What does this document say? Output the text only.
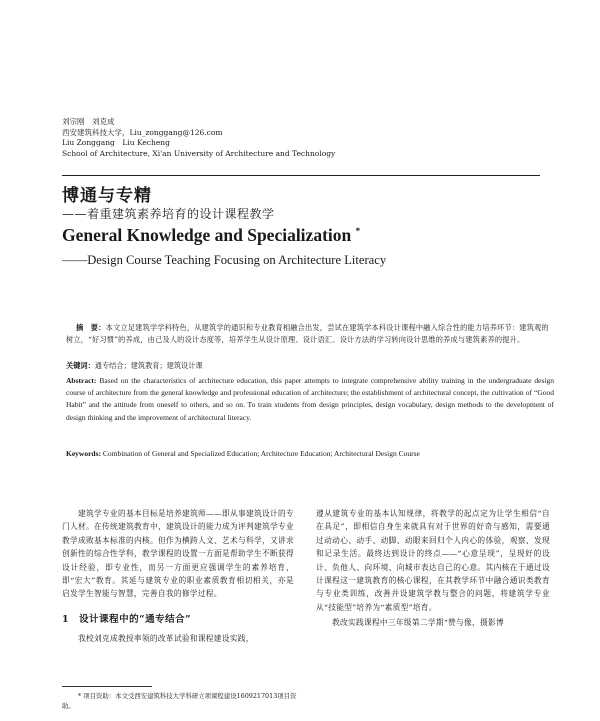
刘宗刚　刘克成
西安建筑科技大学，Liu_zonggang@126.com
Liu Zonggang　Liu Kecheng
School of Architecture, Xi'an University of Architecture and Technology
博通与专精
——着重建筑素养培育的设计课程教学
General Knowledge and Specialization *
——Design Course Teaching Focusing on Architecture Literacy
摘　要：本文立足建筑学学科特色，从建筑学的通识和专业教育相融合出发，尝试在建筑学本科设计课程中融入综合性的能力培养环节：建筑观的树立，“好习惯”的养成，由己及人的设计态度等，培养学生从设计原理、设计语汇、设计方法的学习转向设计思维的养成与建筑素养的提升。
关键词：通专结合；建筑教育；建筑设计课
Abstract: Based on the characteristics of architecture education, this paper attempts to integrate comprehensive ability training in the undergraduate design course of architecture from the general knowledge and professional education of architecture; the establishment of architectural concept, the cultivation of “Good Habit” and the attitude from oneself to others, and so on. To train students from design principles, design vocabulary, design methods to the development of design thinking and the improvement of architectural literacy.
Keywords: Combination of General and Specialized Education; Architecture Education; Architectural Design Course
建筑学专业的基本目标是培养建筑师——即从事建筑设计的专门人材。在传统建筑教育中，建筑设计的能力成为评判建筑学专业教学成败基本标准的内核。但作为横跨人文、艺术与科学，又讲求创新性的综合性学科，教学课程的设置一方面是帮助学生不断获得设计经验，即专业性，而另一方面更应强调学生的素养培育，即“宏大”教育。其延与建筑专业的职业素质教育相切相关，亦是启发学生智能与智慧，完善自我的修学过程。
1　设计课程中的“通专结合”
我校刘克成教授率领的改革试验和课程建设实践，
遵从建筑专业的基本认知规律，将教学的起点定为让学生相信“自在具足”，即相信自身生来就具有对于世界的好奇与感知，需要通过动动心、动手、动脚、动眼来回归个人内心的体验，观察、发现和记录生活。最终达到设计的终点——“心意呈现”，呈现好的设计、负他人、向环境、向城市表达自己的心意。其内核在于通过设计课程这一建筑教育的核心课程，在其教学环节中融合通识类教育与专业类训练，改善并设建筑学教与整合的问题，将建筑学专业从“技能型”培养为“素质型”培育。
教改实践课程中三年级第二学期“赞与像，摄影博
* 项目资助：本文受西安建筑科技大学科研立项课程建设1609217013项目资助。
